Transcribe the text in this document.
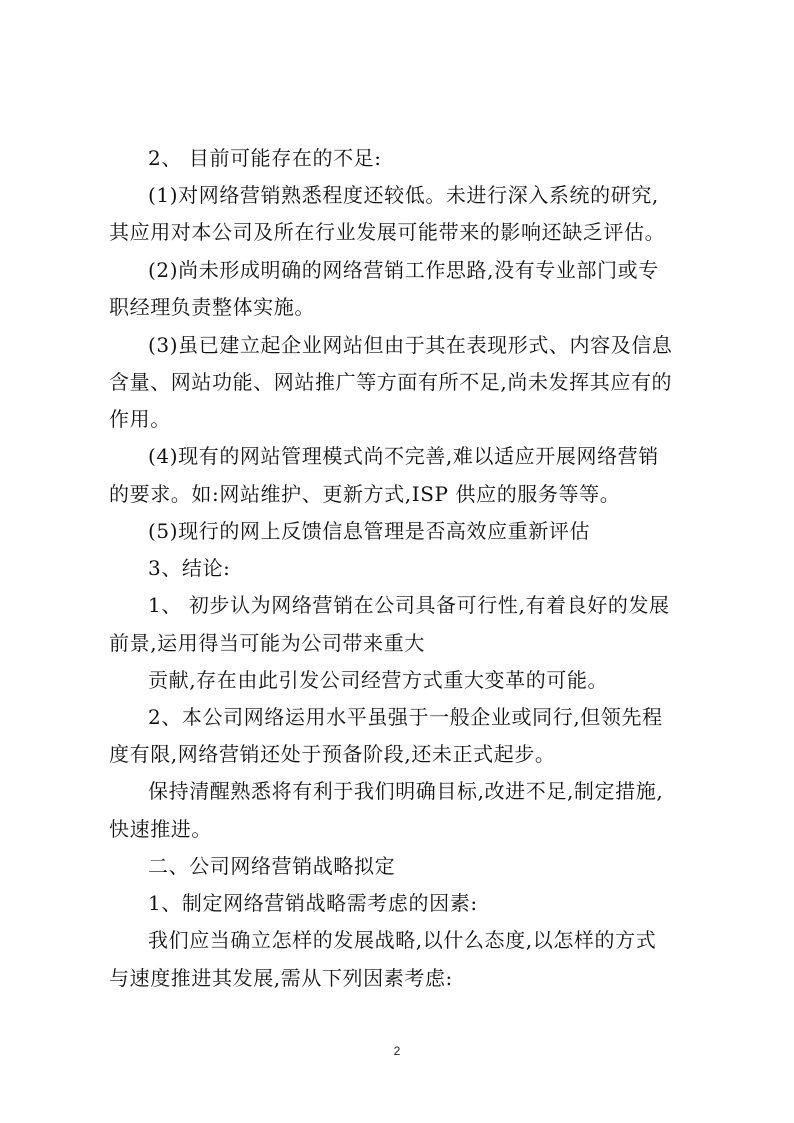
2、 目前可能存在的不足:
(1)对网络营销熟悉程度还较低。未进行深入系统的研究,
其应用对本公司及所在行业发展可能带来的影响还缺乏评估。
(2)尚未形成明确的网络营销工作思路,没有专业部门或专
职经理负责整体实施。
(3)虽已建立起企业网站但由于其在表现形式、内容及信息
含量、网站功能、网站推广等方面有所不足,尚未发挥其应有的
作用。
(4)现有的网站管理模式尚不完善,难以适应开展网络营销
的要求。如:网站维护、更新方式,ISP 供应的服务等等。
(5)现行的网上反馈信息管理是否高效应重新评估
3、结论:
1、 初步认为网络营销在公司具备可行性,有着良好的发展
前景,运用得当可能为公司带来重大
贡献,存在由此引发公司经营方式重大变革的可能。
2、本公司网络运用水平虽强于一般企业或同行,但领先程
度有限,网络营销还处于预备阶段,还未正式起步。
保持清醒熟悉将有利于我们明确目标,改进不足,制定措施,
快速推进。
二、公司网络营销战略拟定
1、制定网络营销战略需考虑的因素:
我们应当确立怎样的发展战略,以什么态度,以怎样的方式
与速度推进其发展,需从下列因素考虑:
2
